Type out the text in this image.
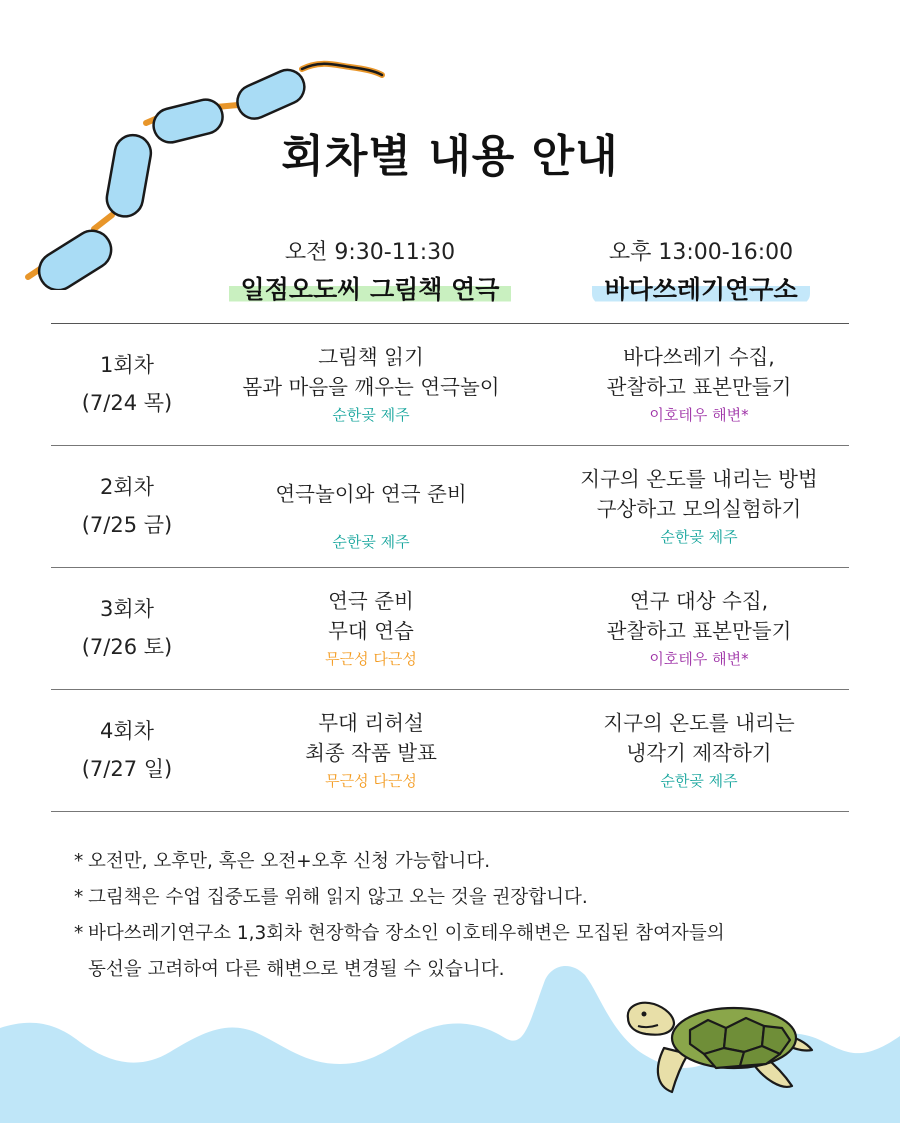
회차별 내용 안내
오전 9:30-11:30
일점오도씨 그림책 연극
오후 13:00-16:00
바다쓰레기연구소
1회차
(7/24 목)
그림책 읽기
몸과 마음을 깨우는 연극놀이
순한곶 제주
바다쓰레기 수집,
관찰하고 표본만들기
이호테우 해변*
2회차
(7/25 금)
연극놀이와 연극 준비
순한곶 제주
지구의 온도를 내리는 방법
구상하고 모의실험하기
순한곶 제주
3회차
(7/26 토)
연극 준비
무대 연습
무근성 다근성
연구 대상 수집,
관찰하고 표본만들기
이호테우 해변*
4회차
(7/27 일)
무대 리허설
최종 작품 발표
무근성 다근성
지구의 온도를 내리는
냉각기 제작하기
순한곶 제주
* 오전만, 오후만, 혹은 오전+오후 신청 가능합니다.
* 그림책은 수업 집중도를 위해 읽지 않고 오는 것을 권장합니다.
* 바다쓰레기연구소 1,3회차 현장학습 장소인 이호테우해변은 모집된 참여자들의
동선을 고려하여 다른 해변으로 변경될 수 있습니다.
